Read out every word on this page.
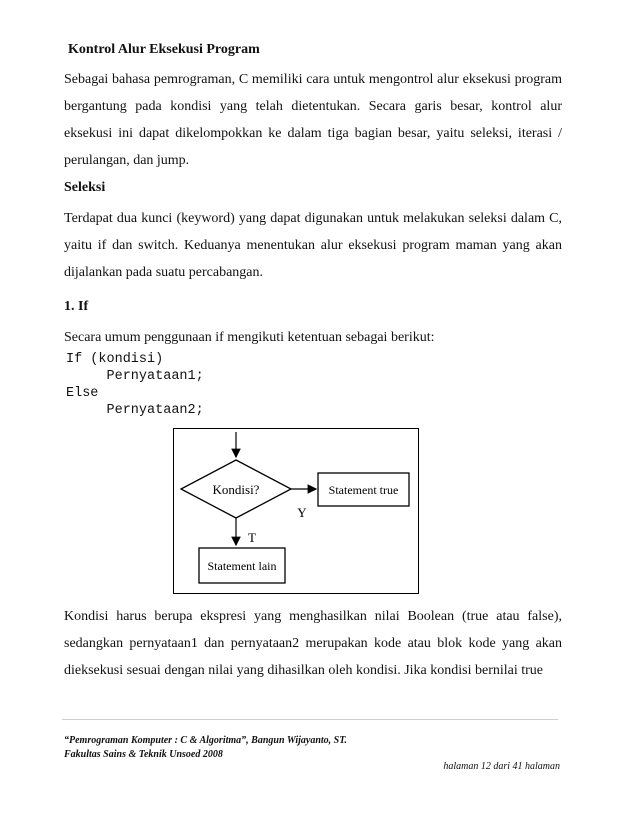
Kontrol Alur Eksekusi Program
Sebagai bahasa pemrograman, C memiliki cara untuk mengontrol alur eksekusi program bergantung pada kondisi yang telah dietentukan. Secara garis besar, kontrol alur eksekusi ini dapat dikelompokkan ke dalam tiga bagian besar, yaitu seleksi, iterasi / perulangan, dan jump.
Seleksi
Terdapat dua kunci (keyword) yang dapat digunakan untuk melakukan seleksi dalam C, yaitu if dan switch. Keduanya menentukan alur eksekusi program maman yang akan dijalankan pada suatu percabangan.
1. If
Secara umum penggunaan if mengikuti ketentuan sebagai berikut:
If (kondisi)
Pernyataan1;
Else
Pernyataan2;
Kondisi?	Statement true
Y
T
Statement lain
Kondisi harus berupa ekspresi yang menghasilkan nilai Boolean (true atau false), sedangkan pernyataan1 dan pernyataan2 merupakan kode atau blok kode yang akan dieksekusi sesuai dengan nilai yang dihasilkan oleh kondisi. Jika kondisi bernilai true
“Pemrograman Komputer : C & Algoritma”, Bangun Wijayanto, ST.
Fakultas Sains & Teknik Unsoed 2008
halaman 12 dari 41 halaman
